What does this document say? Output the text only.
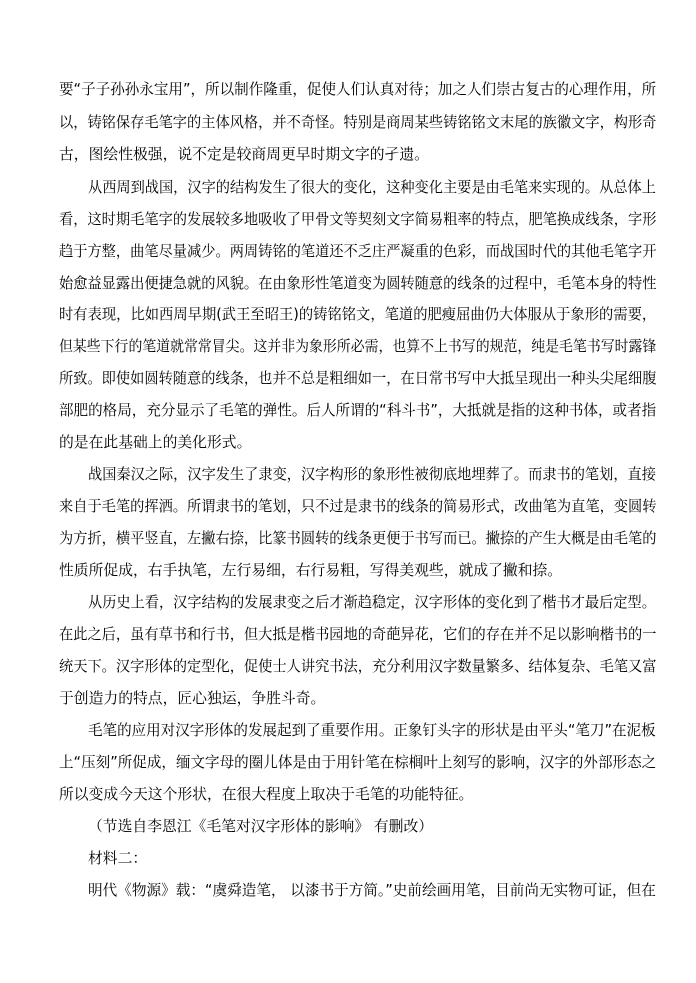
要“子子孙孙永宝用”，所以制作隆重，促使人们认真对待；加之人们崇古复古的心理作用，所
以，铸铭保存毛笔字的主体风格，并不奇怪。特别是商周某些铸铭铭文末尾的族徽文字，构形奇
古，图绘性极强，说不定是较商周更早时期文字的孑遗。
从西周到战国，汉字的结构发生了很大的变化，这种变化主要是由毛笔来实现的。从总体上
看，这时期毛笔字的发展较多地吸收了甲骨文等契刻文字简易粗率的特点，肥笔换成线条，字形
趋于方整，曲笔尽量减少。两周铸铭的笔道还不乏庄严凝重的色彩，而战国时代的其他毛笔字开
始愈益显露出便捷急就的风貌。在由象形性笔道变为圆转随意的线条的过程中，毛笔本身的特性
时有表现，比如西周早期(武王至昭王)的铸铭铭文，笔道的肥瘦屈曲仍大体服从于象形的需要，
但某些下行的笔道就常常冒尖。这并非为象形所必需，也算不上书写的规范，纯是毛笔书写时露锋
所致。即使如圆转随意的线条，也并不总是粗细如一，在日常书写中大抵呈现出一种头尖尾细腹
部肥的格局，充分显示了毛笔的弹性。后人所谓的“科斗书”，大抵就是指的这种书体，或者指
的是在此基础上的美化形式。
战国秦汉之际，汉字发生了隶变，汉字构形的象形性被彻底地埋葬了。而隶书的笔划，直接
来自于毛笔的挥洒。所谓隶书的笔划，只不过是隶书的线条的简易形式，改曲笔为直笔，变圆转
为方折，横平竖直，左撇右捺，比篆书圆转的线条更便于书写而已。撇捺的产生大概是由毛笔的
性质所促成，右手执笔，左行易细，右行易粗，写得美观些，就成了撇和捺。
从历史上看，汉字结构的发展隶变之后才渐趋稳定，汉字形体的变化到了楷书才最后定型。
在此之后，虽有草书和行书，但大抵是楷书园地的奇葩异花，它们的存在并不足以影响楷书的一
统天下。汉字形体的定型化，促使士人讲究书法，充分利用汉字数量繁多、结体复杂、毛笔又富
于创造力的特点，匠心独运，争胜斗奇。
毛笔的应用对汉字形体的发展起到了重要作用。正象钉头字的形状是由平头“笔刀”在泥板
上“压刻”所促成，缅文字母的圈儿体是由于用针笔在棕榈叶上刻写的影响，汉字的外部形态之
所以变成今天这个形状，在很大程度上取决于毛笔的功能特征。
（节选自李恩江《毛笔对汉字形体的影响》 有删改）
材料二：
明代《物源》载：“虞舜造笔， 以漆书于方简。”史前绘画用笔，目前尚无实物可证，但在
